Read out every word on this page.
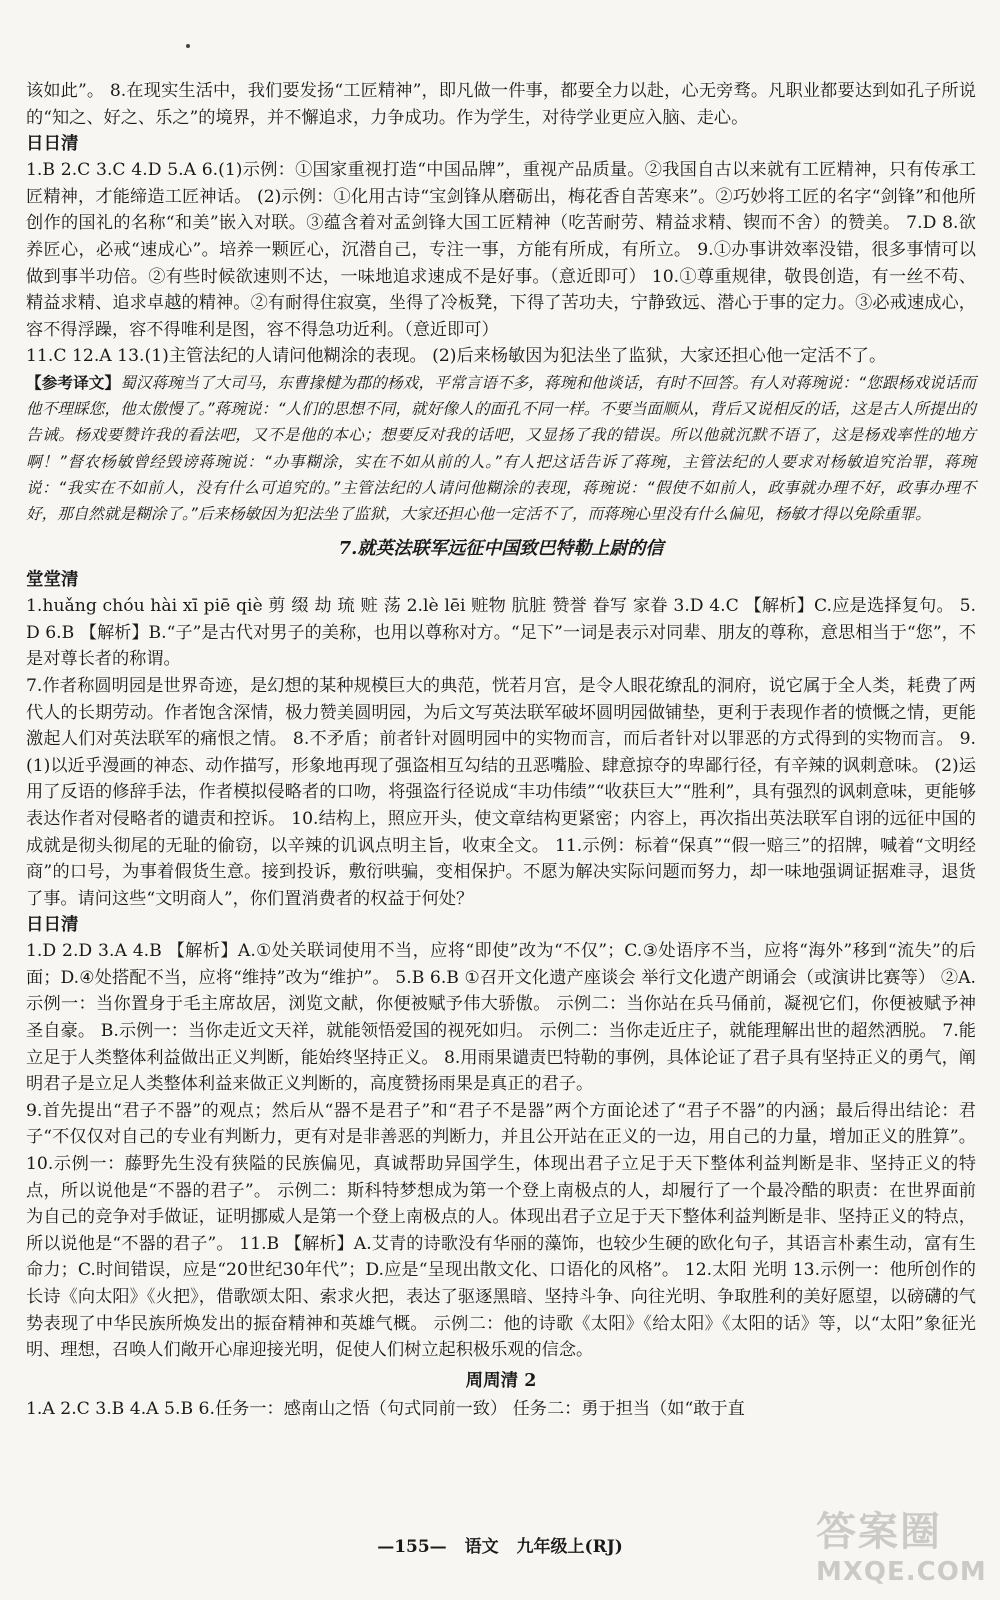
该如此”。 8.在现实生活中，我们要发扬“工匠精神”，即凡做一件事，都要全力以赴，心无旁骛。凡职业都要达到如孔子所说的“知之、好之、乐之”的境界，并不懈追求，力争成功。作为学生，对待学业更应入脑、走心。

日日清

1.B 2.C 3.C 4.D 5.A 6.(1)示例：①国家重视打造“中国品牌”，重视产品质量。②我国自古以来就有工匠精神，只有传承工匠精神，才能缔造工匠神话。 (2)示例：①化用古诗“宝剑锋从磨砺出，梅花香自苦寒来”。②巧妙将工匠的名字“剑锋”和他所创作的国礼的名称“和美”嵌入对联。③蕴含着对孟剑锋大国工匠精神（吃苦耐劳、精益求精、锲而不舍）的赞美。 7.D 8.欲养匠心，必戒“速成心”。培养一颗匠心，沉潜自己，专注一事，方能有所成，有所立。 9.①办事讲效率没错，很多事情可以做到事半功倍。②有些时候欲速则不达，一味地追求速成不是好事。（意近即可） 10.①尊重规律，敬畏创造，有一丝不苟、精益求精、追求卓越的精神。②有耐得住寂寞，坐得了冷板凳，下得了苦功夫，宁静致远、潜心于事的定力。③必戒速成心，容不得浮躁，容不得唯利是图，容不得急功近利。（意近即可）

11.C 12.A 13.(1)主管法纪的人请问他糊涂的表现。 (2)后来杨敏因为犯法坐了监狱，大家还担心他一定活不了。

【参考译文】蜀汉蒋琬当了大司马，东曹掾楗为郡的杨戏，平常言语不多，蒋琬和他谈话，有时不回答。有人对蒋琬说：“您跟杨戏说话而他不理睬您，他太傲慢了。”蒋琬说：“人们的思想不同，就好像人的面孔不同一样。不要当面顺从，背后又说相反的话，这是古人所提出的告诫。杨戏要赞许我的看法吧，又不是他的本心；想要反对我的话吧，又显扬了我的错误。所以他就沉默不语了，这是杨戏率性的地方啊！”督农杨敏曾经毁谤蒋琬说：“办事糊涂，实在不如从前的人。”有人把这话告诉了蒋琬，主管法纪的人要求对杨敏追究治罪，蒋琬说：“我实在不如前人，没有什么可追究的。”主管法纪的人请问他糊涂的表现，蒋琬说：“假使不如前人，政事就办理不好，政事办理不好，那自然就是糊涂了。”后来杨敏因为犯法坐了监狱，大家还担心他一定活不了，而蒋琬心里没有什么偏见，杨敏才得以免除重罪。

7.就英法联军远征中国致巴特勒上尉的信

堂堂清

1.huǎng chóu hài xī piē qiè 剪 缀 劫 琉 赃 荡 2.lè lēi 赃物 肮脏 赞誉 眷写 家眷 3.D 4.C 【解析】C.应是选择复句。 5.D 6.B 【解析】B.“子”是古代对男子的美称，也用以尊称对方。“足下”一词是表示对同辈、朋友的尊称，意思相当于“您”，不是对尊长者的称谓。

7.作者称圆明园是世界奇迹，是幻想的某种规模巨大的典范，恍若月宫，是令人眼花缭乱的洞府，说它属于全人类，耗费了两代人的长期劳动。作者饱含深情，极力赞美圆明园，为后文写英法联军破坏圆明园做铺垫，更利于表现作者的愤慨之情，更能激起人们对英法联军的痛恨之情。 8.不矛盾；前者针对圆明园中的实物而言，而后者针对以罪恶的方式得到的实物而言。 9.(1)以近乎漫画的神态、动作描写，形象地再现了强盗相互勾结的丑恶嘴脸、肆意掠夺的卑鄙行径，有辛辣的讽刺意味。 (2)运用了反语的修辞手法，作者模拟侵略者的口吻，将强盗行径说成“丰功伟绩”“收获巨大”“胜利”，具有强烈的讽刺意味，更能够表达作者对侵略者的谴责和控诉。 10.结构上，照应开头，使文章结构更紧密；内容上，再次指出英法联军自诩的远征中国的成就是彻头彻尾的无耻的偷窃，以辛辣的讥讽点明主旨，收束全文。 11.示例：标着“保真”“假一赔三”的招牌，喊着“文明经商”的口号，为事着假货生意。接到投诉，敷衍哄骗，变相保护。不愿为解决实际问题而努力，却一味地强调证据难寻，退货了事。请问这些“文明商人”，你们置消费者的权益于何处？

日日清

1.D 2.D 3.A 4.B 【解析】A.①处关联词使用不当，应将“即使”改为“不仅”；C.③处语序不当，应将“海外”移到“流失”的后面；D.④处搭配不当，应将“维持”改为“维护”。 5.B 6.B ①召开文化遗产座谈会 举行文化遗产朗诵会（或演讲比赛等） ②A.示例一：当你置身于毛主席故居，浏览文献，你便被赋予伟大骄傲。 示例二：当你站在兵马俑前，凝视它们，你便被赋予神圣自豪。 B.示例一：当你走近文天祥，就能领悟爱国的视死如归。 示例二：当你走近庄子，就能理解出世的超然洒脱。 7.能立足于人类整体利益做出正义判断，能始终坚持正义。 8.用雨果谴责巴特勒的事例，具体论证了君子具有坚持正义的勇气，阐明君子是立足人类整体利益来做正义判断的，高度赞扬雨果是真正的君子。

9.首先提出“君子不器”的观点；然后从“器不是君子”和“君子不是器”两个方面论述了“君子不器”的内涵；最后得出结论：君子“不仅仅对自己的专业有判断力，更有对是非善恶的判断力，并且公开站在正义的一边，用自己的力量，增加正义的胜算”。 10.示例一：藤野先生没有狭隘的民族偏见，真诚帮助异国学生，体现出君子立足于天下整体利益判断是非、坚持正义的特点，所以说他是“不器的君子”。 示例二：斯科特梦想成为第一个登上南极点的人，却履行了一个最冷酷的职责：在世界面前为自己的竞争对手做证，证明挪威人是第一个登上南极点的人。体现出君子立足于天下整体利益判断是非、坚持正义的特点，所以说他是“不器的君子”。 11.B 【解析】A.艾青的诗歌没有华丽的藻饰，也较少生硬的欧化句子，其语言朴素生动，富有生命力；C.时间错误，应是“20世纪30年代”；D.应是“呈现出散文化、口语化的风格”。 12.太阳 光明 13.示例一：他所创作的长诗《向太阳》《火把》，借歌颂太阳、索求火把，表达了驱逐黑暗、坚持斗争、向往光明、争取胜利的美好愿望，以磅礴的气势表现了中华民族所焕发出的振奋精神和英雄气概。 示例二：他的诗歌《太阳》《给太阳》《太阳的话》等，以“太阳”象征光明、理想，召唤人们敞开心扉迎接光明，促使人们树立起积极乐观的信念。

周周清 2

1.A 2.C 3.B 4.A 5.B 6.任务一：感南山之悟（句式同前一致） 任务二：勇于担当（如“敢于直

—155— 语文 九年级上(RJ)	答案圈
MXQE.COM
